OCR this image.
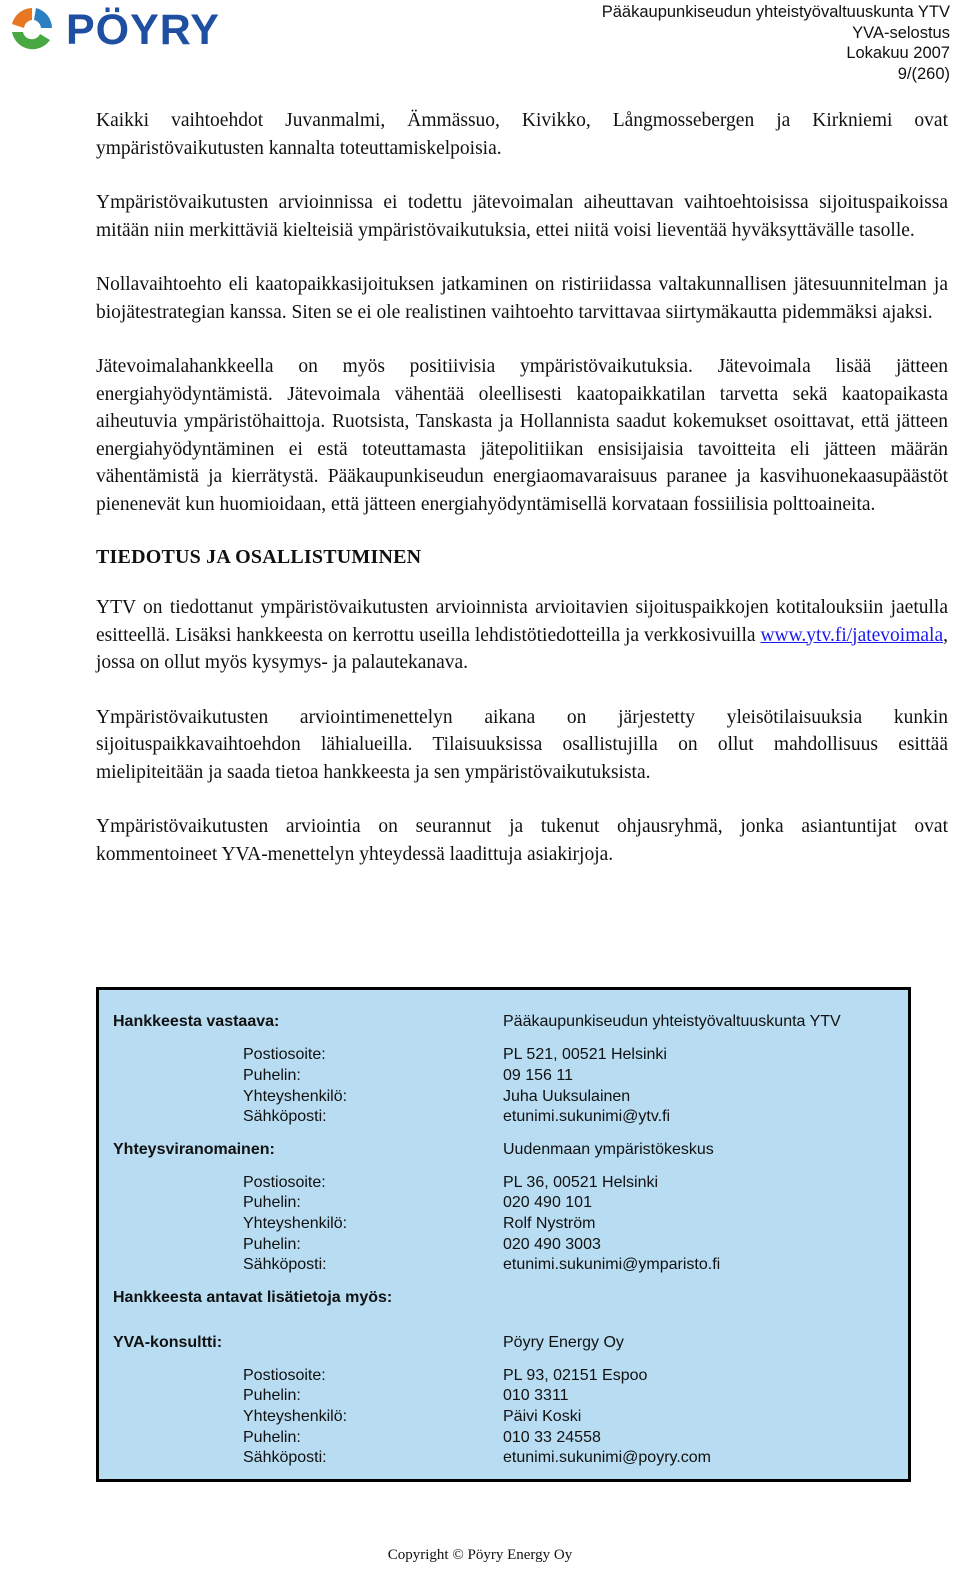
PÖYRY	Pääkaupunkiseudun yhteistyövaltuuskunta YTV
YVA-selostus
Lokakuu 2007
9/(260)

Kaikki vaihtoehdot Juvanmalmi, Ämmässuo, Kivikko, Långmossebergen ja Kirkniemi ovat ympäristövaikutusten kannalta toteuttamiskelpoisia.

Ympäristövaikutusten arvioinnissa ei todettu jätevoimalan aiheuttavan vaihtoehtoisissa sijoituspaikoissa mitään niin merkittäviä kielteisiä ympäristövaikutuksia, ettei niitä voisi lieventää hyväksyttävälle tasolle.

Nollavaihtoehto eli kaatopaikkasijoituksen jatkaminen on ristiriidassa valtakunnallisen jätesuunnitelman ja biojätestrategian kanssa. Siten se ei ole realistinen vaihtoehto tarvittavaa siirtymäkautta pidemmäksi ajaksi.

Jätevoimalahankkeella on myös positiivisia ympäristövaikutuksia. Jätevoimala lisää jätteen energiahyödyntämistä. Jätevoimala vähentää oleellisesti kaatopaikkatilan tarvetta sekä kaatopaikasta aiheutuvia ympäristöhaittoja. Ruotsista, Tanskasta ja Hollannista saadut kokemukset osoittavat, että jätteen energiahyödyntäminen ei estä toteuttamasta jätepolitiikan ensisijaisia tavoitteita eli jätteen määrän vähentämistä ja kierrätystä. Pääkaupunkiseudun energiaomavaraisuus paranee ja kasvihuonekaasupäästöt pienenevät kun huomioidaan, että jätteen energiahyödyntämisellä korvataan fossiilisia polttoaineita.

TIEDOTUS JA OSALLISTUMINEN

YTV on tiedottanut ympäristövaikutusten arvioinnista arvioitavien sijoituspaikkojen kotitalouksiin jaetulla esitteellä. Lisäksi hankkeesta on kerrottu useilla lehdistötiedotteilla ja verkkosivuilla www.ytv.fi/jatevoimala, jossa on ollut myös kysymys- ja palautekanava.

Ympäristövaikutusten arviointimenettelyn aikana on järjestetty yleisötilaisuuksia kunkin sijoituspaikkavaihtoehdon lähialueilla. Tilaisuuksissa osallistujilla on ollut mahdollisuus esittää mielipiteitään ja saada tietoa hankkeesta ja sen ympäristövaikutuksista.

Ympäristövaikutusten arviointia on seurannut ja tukenut ohjausryhmä, jonka asiantuntijat ovat kommentoineet YVA-menettelyn yhteydessä laadittuja asiakirjoja.

Hankkeesta vastaava:	Pääkaupunkiseudun yhteistyövaltuuskunta YTV
Postiosoite:	PL 521, 00521 Helsinki
Puhelin:	09 156 11
Yhteyshenkilö:	Juha Uuksulainen
Sähköposti:	etunimi.sukunimi@ytv.fi
Yhteysviranomainen:	Uudenmaan ympäristökeskus
Postiosoite:	PL 36, 00521 Helsinki
Puhelin:	020 490 101
Yhteyshenkilö:	Rolf Nyström
Puhelin:	020 490 3003
Sähköposti:	etunimi.sukunimi@ymparisto.fi
Hankkeesta antavat lisätietoja myös:
YVA-konsultti:	Pöyry Energy Oy
Postiosoite:	PL 93, 02151 Espoo
Puhelin:	010 3311
Yhteyshenkilö:	Päivi Koski
Puhelin:	010 33 24558
Sähköposti:	etunimi.sukunimi@poyry.com
Copyright © Pöyry Energy Oy
